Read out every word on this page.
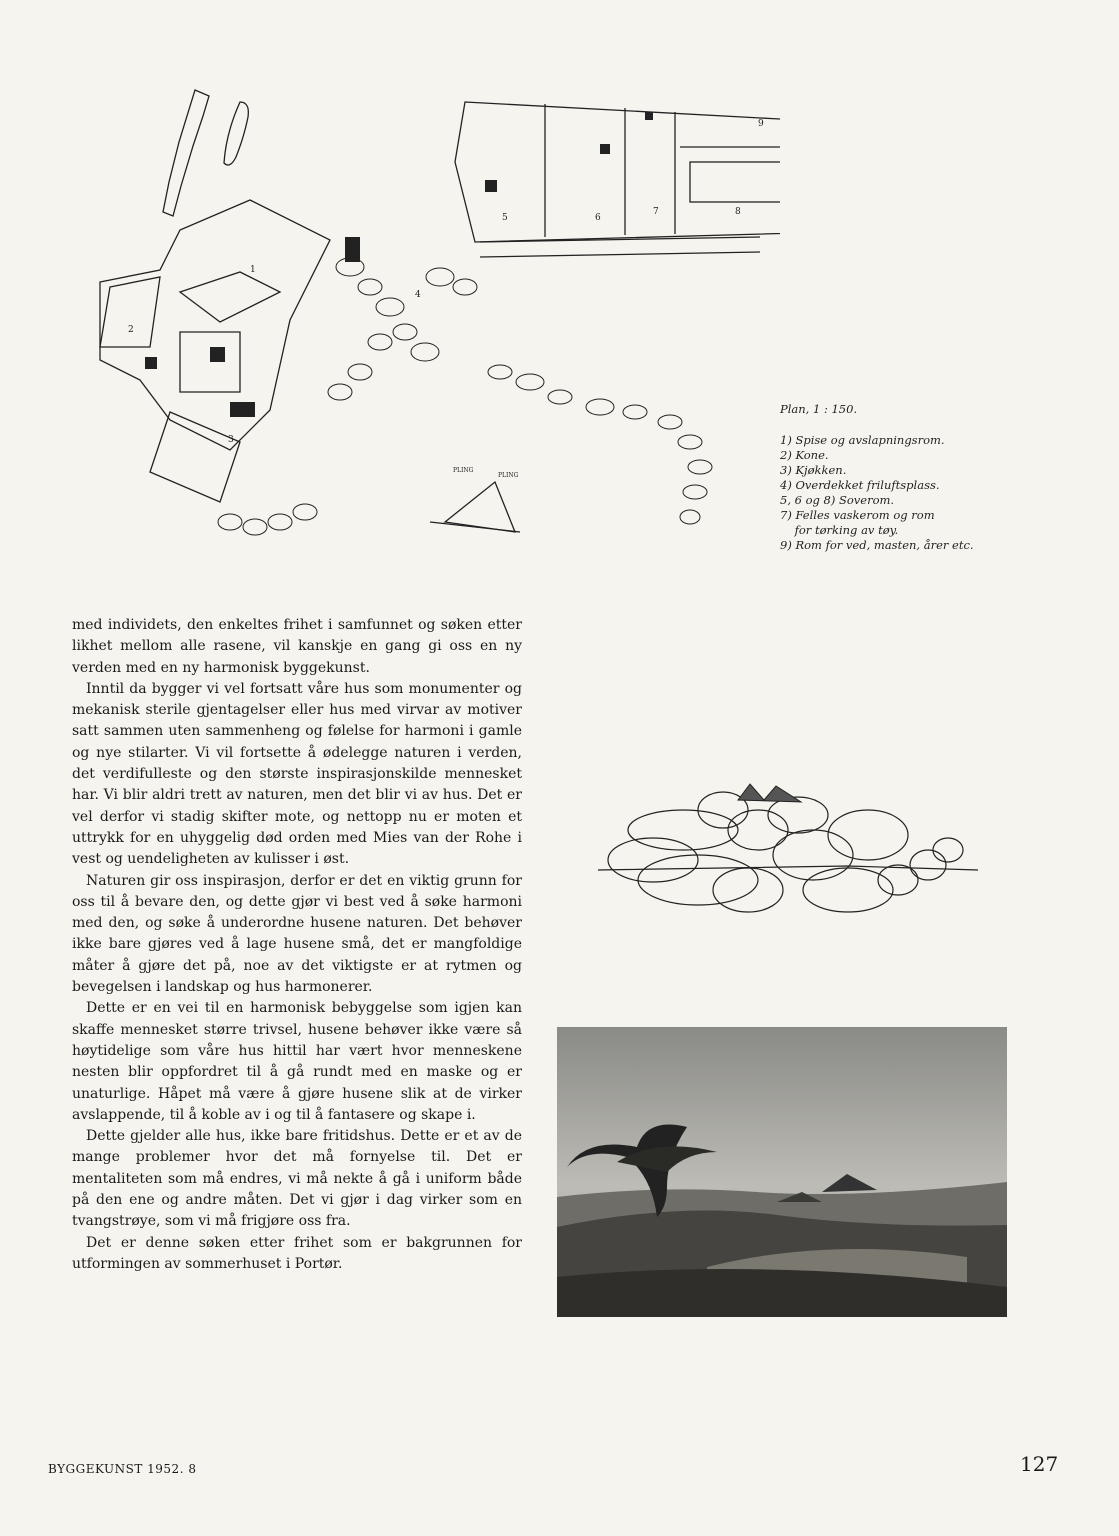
1
2
3
4
5	6
7	8
9
PLING
PLING
Plan, 1 : 150.
1) Spise og avslapningsrom.
2) Kone.
3) Kjøkken.
4) Overdekket friluftsplass.
5, 6 og 8) Soverom.
7) Felles vaskerom og rom
for tørking av tøy.
9) Rom for ved, masten, årer etc.

med individets, den enkeltes frihet i samfunnet og søken etter likhet mellom alle rasene, vil kanskje en gang gi oss en ny verden med en ny harmonisk byggekunst.

Inntil da bygger vi vel fortsatt våre hus som monumenter og mekanisk sterile gjentagelser eller hus med virvar av motiver satt sammen uten sammenheng og følelse for harmoni i gamle og nye stilarter. Vi vil fortsette å ødelegge naturen i verden, det verdifulleste og den største inspirasjonskilde mennesket har. Vi blir aldri trett av naturen, men det blir vi av hus. Det er vel derfor vi stadig skifter mote, og nettopp nu er moten et uttrykk for en uhyggelig død orden med Mies van der Rohe i vest og uendeligheten av kulisser i øst.

Naturen gir oss inspirasjon, derfor er det en viktig grunn for oss til å bevare den, og dette gjør vi best ved å søke harmoni med den, og søke å underordne husene naturen. Det behøver ikke bare gjøres ved å lage husene små, det er mangfoldige måter å gjøre det på, noe av det viktigste er at rytmen og bevegelsen i landskap og hus harmonerer.

Dette er en vei til en harmonisk bebyggelse som igjen kan skaffe mennesket større trivsel, husene behøver ikke være så høytidelige som våre hus hittil har vært hvor menneskene nesten blir oppfordret til å gå rundt med en maske og er unaturlige. Håpet må være å gjøre husene slik at de virker avslappende, til å koble av i og til å fantasere og skape i.

Dette gjelder alle hus, ikke bare fritidshus. Dette er et av de mange problemer hvor det må fornyelse til. Det er mentaliteten som må endres, vi må nekte å gå i uniform både på den ene og andre måten. Det vi gjør i dag virker som en tvangstrøye, som vi må frigjøre oss fra.

Det er denne søken etter frihet som er bakgrunnen for utformingen av sommerhuset i Portør.

BYGGEKUNST 1952. 8	127
